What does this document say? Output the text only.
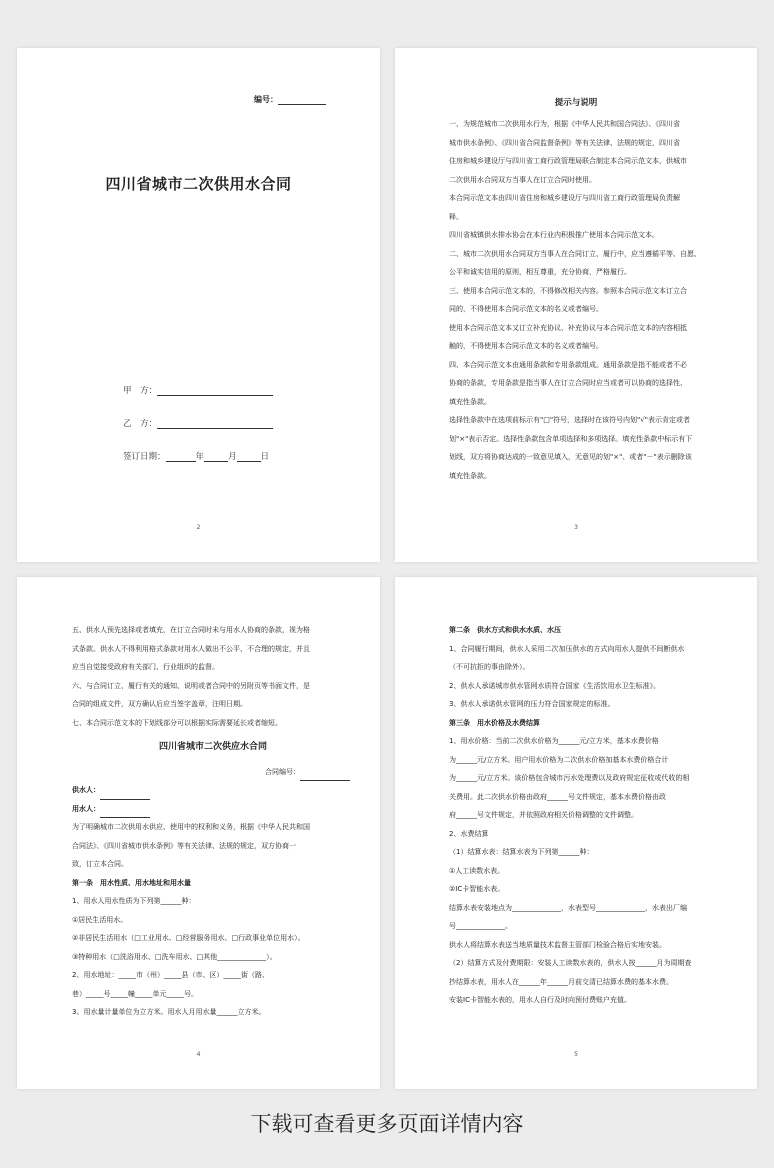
编号：
四川省城市二次供用水合同
甲　方：
乙　方：
签订日期：	年	月	日
2
提示与说明

一、为规范城市二次供用水行为，根据《中华人民共和国合同法》、《四川省

城市供水条例》、《四川省合同监督条例》等有关法律、法规的规定，四川省

住房和城乡建设厅与四川省工商行政管理局联合制定本合同示范文本，供城市

二次供用水合同双方当事人在订立合同时使用。

本合同示范文本由四川省住房和城乡建设厅与四川省工商行政管理局负责解

释。

四川省城镇供水排水协会在本行业内积极推广使用本合同示范文本。

二、城市二次供用水合同双方当事人在合同订立、履行中，应当遵循平等、自愿、

公平和诚实信用的原则，相互尊重，充分协商，严格履行。

三、使用本合同示范文本的，不得修改相关内容。参照本合同示范文本订立合

同的，不得使用本合同示范文本的名义或者编号。

使用本合同示范文本又订立补充协议、补充协议与本合同示范文本的内容相抵

触的，不得使用本合同示范文本的名义或者编号。

四、本合同示范文本由通用条款和专用条款组成。通用条款是指不能或者不必

协商的条款，专用条款是指当事人在订立合同时应当或者可以协商的选择性、

填充性条款。

选择性条款中在选项前标示有"□"符号，选择时在该符号内划"√"表示肯定或者

划"×"表示否定。选择性条款包含单项选择和多项选择。填充性条款中标示有下

划线，双方将协商达成的一致意见填入，无意见的划"×"、或者"－"表示删除该

填充性条款。

3

五、供水人预先选择或者填充，在订立合同时未与用水人协商的条款，视为格

式条款。供水人不得利用格式条款对用水人做出不公平、不合理的规定，并且

应当自觉接受政府有关部门、行业组织的监督。

六、与合同订立、履行有关的通知、说明或者合同中的另附页等书面文件，是

合同的组成文件，双方确认后应当签字盖章，注明日期。

七、本合同示范文本的下划线部分可以根据实际需要延长或者缩短。

四川省城市二次供应水合同

合同编号：

供水人：

用水人：

为了明确城市二次供用水供应、使用中的权利和义务，根据《中华人民共和国

合同法》、《四川省城市供水条例》等有关法律、法规的规定，双方协商一

致，订立本合同。

第一条　用水性质、用水地址和用水量

1、用水人用水性质为下列第______种：

①居民生活用水。

②非居民生活用水（□工业用水、□经营服务用水、□行政事业单位用水）。

③特种用水（□洗浴用水、□洗车用水、□其他______________）。

2、用水地址：_____市（州）_____县（市、区）_____街（路、

巷）_____号_____幢_____单元_____号。

3、用水量计量单位为立方米。用水人月用水量______立方米。

4

第二条　供水方式和供水水质、水压

1、合同履行期间，供水人采用二次加压供水的方式向用水人提供不间断供水

（不可抗拒的事由除外）。

2、供水人承诺城市供水管网水质符合国家《生活饮用水卫生标准》。

3、供水人承诺供水管网的压力符合国家规定的标准。

第三条　用水价格及水费结算

1、用水价格：当前二次供水价格为______元/立方米，基本水费价格

为______元/立方米。用户用水价格为二次供水价格加基本水费价格合计

为______元/立方米。该价格包含城市污水处理费以及政府规定征收或代收的相

关费用。此二次供水价格由政府______号文件规定，基本水费价格由政

府______号文件规定，并依照政府相关价格调整的文件调整。

2、水费结算

（1）结算水表：结算水表为下列第______种：

①人工读数水表。

②IC卡智能水表。

结算水表安装地点为______________，水表型号______________，水表出厂编

号______________。

供水人将结算水表送当地质量技术监督主管部门检验合格后实地安装。

（2）结算方式及付费期限：安装人工读数水表的，供水人按______月为周期查

抄结算水表，用水人在______年______月前交清已结算水费的基本水费。

安装IC卡智能水表的，用水人自行及时向预付费账户充值。

5
下载可查看更多页面详情内容
